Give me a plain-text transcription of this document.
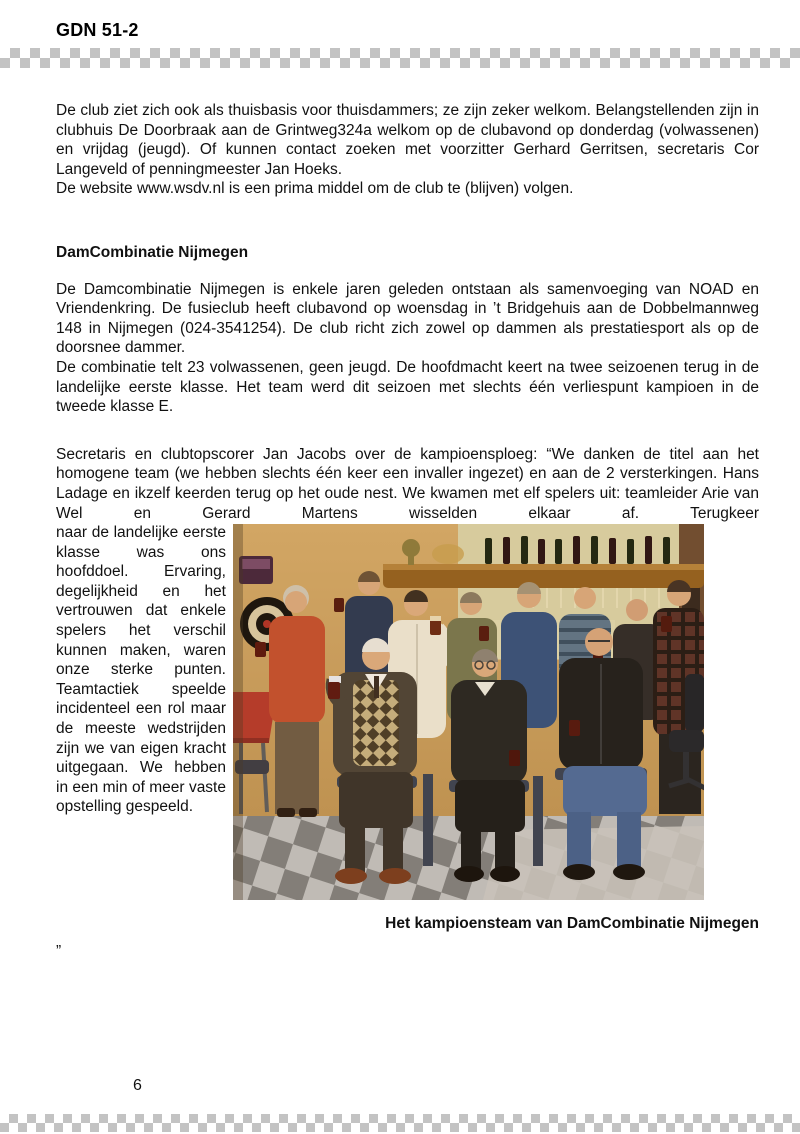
GDN 51-2

De club ziet zich ook als thuisbasis voor thuisdammers; ze zijn zeker welkom. Belangstellenden zijn in clubhuis De Doorbraak aan de Grintweg324a welkom op de clubavond op donderdag (volwassenen) en vrijdag (jeugd). Of kunnen contact zoeken met voorzitter Gerhard Gerritsen, secretaris Cor Langeveld of penningmeester Jan Hoeks.
De website www.wsdv.nl is een prima middel om de club te (blijven) volgen.

DamCombinatie Nijmegen

De Damcombinatie Nijmegen is enkele jaren geleden ontstaan als samenvoeging van NOAD en Vriendenkring. De fusieclub heeft clubavond op woensdag in ’t Bridgehuis aan de Dobbelmannweg 148 in Nijmegen (024-3541254). De club richt zich zowel op dammen als prestatiesport als op de doorsnee dammer.
De combinatie telt 23 volwassenen, geen jeugd. De hoofdmacht keert na twee seizoenen terug in de landelijke eerste klasse. Het team werd dit seizoen met slechts één verliespunt kampioen in de tweede klasse E.

Secretaris en clubtopscorer Jan Jacobs over de kampioensploeg: “We danken de titel aan het homogene team (we hebben slechts één keer een invaller ingezet) en aan de 2 versterkingen. Hans Ladage en ikzelf keerden terug op het oude nest. We kwamen met elf spelers uit: teamleider Arie van Wel en Gerard Martens wisselden elkaar af. Terugkeer

naar de landelijke eerste klasse was ons hoofddoel. Ervaring, degelijkheid en het vertrouwen dat enkele spelers het verschil kunnen maken, waren onze sterke punten. Teamtactiek speelde incidenteel een rol maar de meeste wedstrijden zijn we van eigen kracht uitgegaan. We hebben in een min of meer vaste opstelling gespeeld.
Het kampioensteam van DamCombinatie Nijmegen
”
6
